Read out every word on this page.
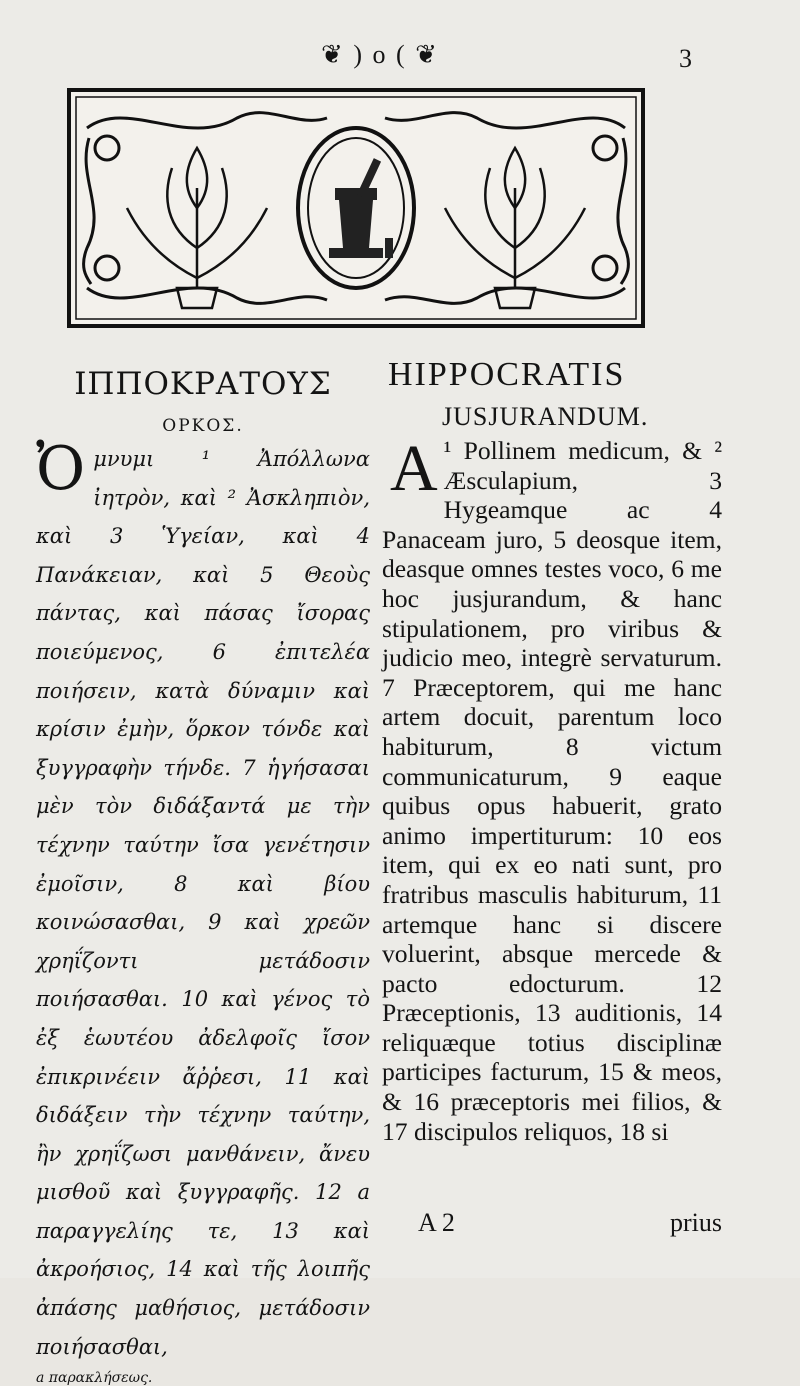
❦ ) o ( ❦	3
ΙΠΠΟΚΡΑΤΟΥΣ
ΟΡΚΟΣ.

Ὀμνυμι ¹ Ἀπόλλωνα ἰητρὸν, καὶ ² Ἀσκληπιὸν, καὶ 3 Ὑγείαν, καὶ 4 Πανάκειαν, καὶ 5 Θεοὺς πάντας, καὶ πάσας ἴσορας ποιεύμενος, 6 ἐπιτελέα ποιήσειν, κατὰ δύναμιν καὶ κρίσιν ἐμὴν, ὅρκον τόνδε καὶ ξυγγραφὴν τήνδε. 7 ἡγήσασαι μὲν τὸν διδάξαντά με τὴν τέχνην ταύτην ἴσα γενέτησιν ἐμοῖσιν, 8 καὶ βίου κοινώσασθαι, 9 καὶ χρεῶν χρηΐζοντι μετάδοσιν ποιήσασθαι. 10 καὶ γένος τὸ ἐξ ἑωυτέου ἀδελφοῖς ἴσον ἐπικρινέειν ἄῤῥεσι, 11 καὶ διδάξειν τὴν τέχνην ταύτην, ἢν χρηΐζωσι μανθάνειν, ἄνευ μισθοῦ καὶ ξυγγραφῆς. 12 a παραγγελίης τε, 13 καὶ ἀκροήσιος, 14 καὶ τῆς λοιπῆς ἀπάσης μαθήσιος, μετάδοσιν ποιήσασθαι,

a παρακλήσεως.
HIPPOCRATIS
JUSJURANDUM.

A ¹ Pollinem medicum, & ² Æsculapium, 3 Hygeamque ac 4 Panaceam juro, 5 deosque item, deasque omnes testes voco, 6 me hoc jusjurandum, & hanc stipulationem, pro viribus & judicio meo, integrè servaturum. 7 Præceptorem, qui me hanc artem docuit, parentum loco habiturum, 8 victum communicaturum, 9 eaque quibus opus habuerit, grato animo impertiturum: 10 eos item, qui ex eo nati sunt, pro fratribus masculis habiturum, 11 artemque hanc si discere voluerint, absque mercede & pacto edocturum. 12 Præceptionis, 13 auditionis, 14 reliquæque totius disciplinæ participes facturum, 15 & meos, & 16 præceptoris mei filios, & 17 discipulos reliquos, 18 si

A 2	prius
